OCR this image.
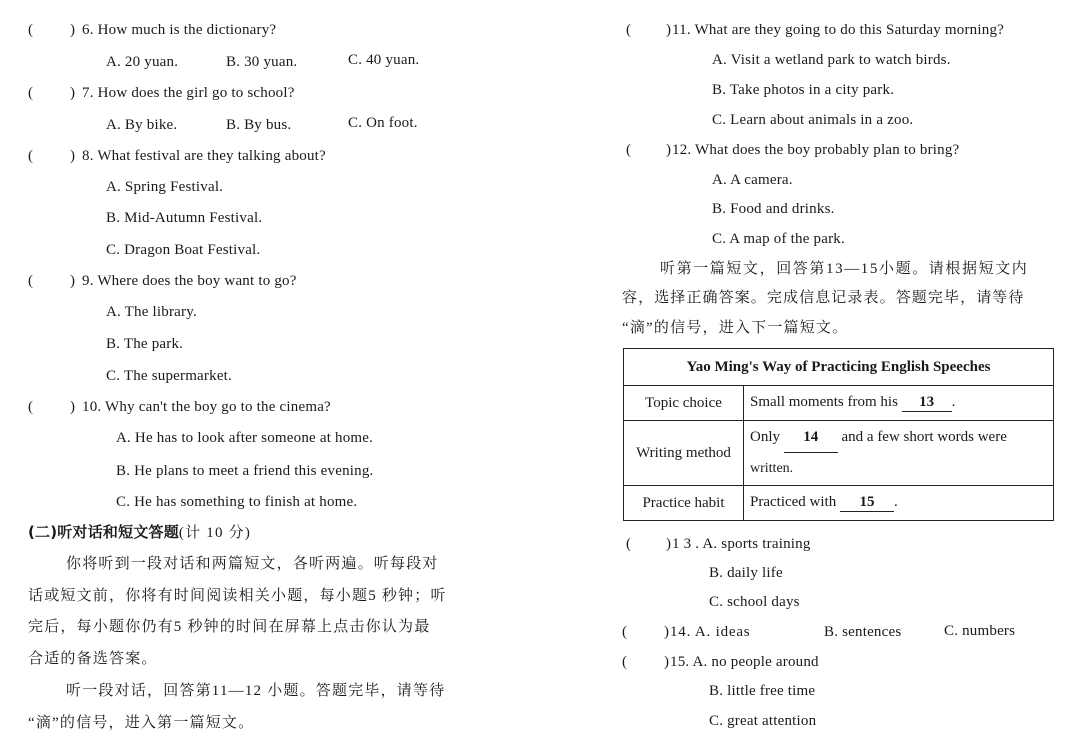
( ) 6. How much is the dictionary?
A. 20 yuan.	B. 30 yuan.	C. 40 yuan.
( ) 7. How does the girl go to school?
A. By bike.	B. By bus.	C. On foot.
( ) 8. What festival are they talking about?
A. Spring Festival.
B. Mid-Autumn Festival.
C. Dragon Boat Festival.
( ) 9. Where does the boy want to go?
A. The library.
B. The park.
C. The supermarket.
( ) 10. Why can't the boy go to the cinema?
A. He has to look after someone at home.
B. He plans to meet a friend this evening.
C. He has something to finish at home.
(二)听对话和短文答题(计 10 分)
你将听到一段对话和两篇短文，各听两遍。听每段对
话或短文前，你将有时间阅读相关小题，每小题5 秒钟；听
完后，每小题你仍有5 秒钟的时间在屏幕上点击你认为最
合适的备选答案。
听一段对话，回答第11—12 小题。答题完毕，请等待
“滴”的信号，进入第一篇短文。
( ) 11. What are they going to do this Saturday morning?
A. Visit a wetland park to watch birds.
B. Take photos in a city park.
C. Learn about animals in a zoo.
( ) 12. What does the boy probably plan to bring?
A. A camera.
B. Food and drinks.
C. A map of the park.
听第一篇短文，回答第13—15小题。请根据短文内
容，选择正确答案。完成信息记录表。答题完毕，请等待
“滴”的信号，进入下一篇短文。
Yao Ming's Way of Practicing English Speeches	
Topic choice	Small moments from his 13 .
Writing method	Only 14 and a few short words were
written.
Practice habit	Practiced with 15 .
( ) 1 3 . A. sports training
B. daily life
C. school days
( ) 14. A. ideas	B. sentences	C. numbers
( ) 15. A. no people around
B. little free time
C. great attention
